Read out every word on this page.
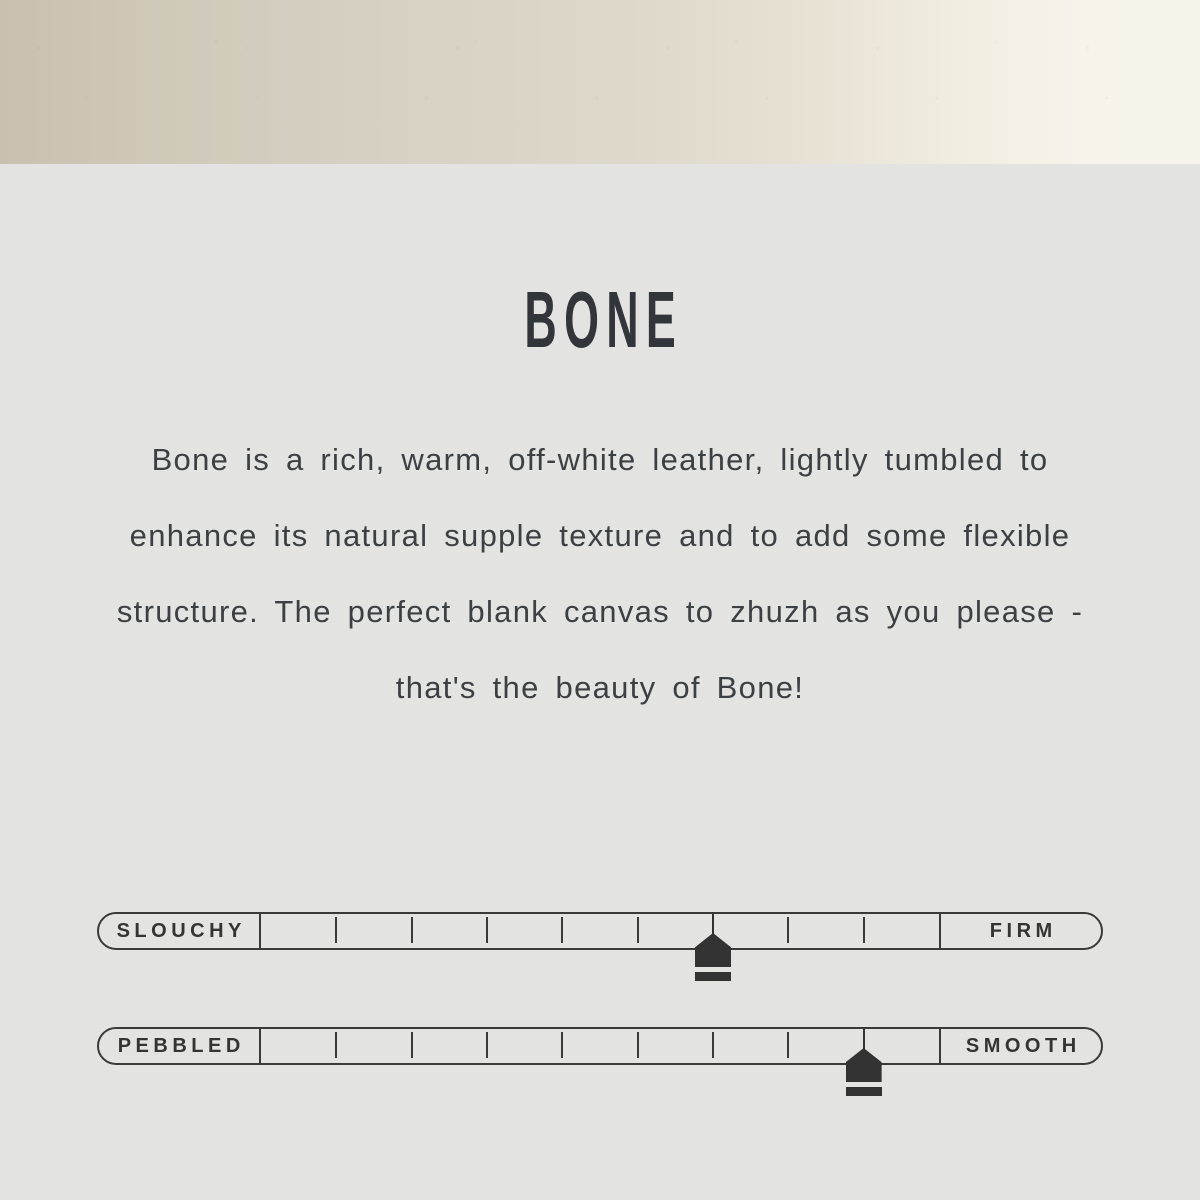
BONE
Bone is a rich, warm, off-white leather, lightly tumbled to
enhance its natural supple texture and to add some flexible
structure. The perfect blank canvas to zhuzh as you please -
that's the beauty of Bone!
SLOUCHY	FIRM
PEBBLED	SMOOTH
